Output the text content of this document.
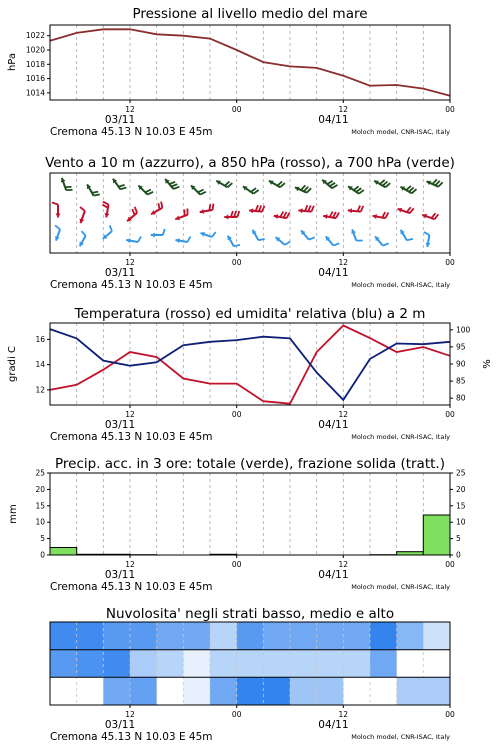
Pressione al livello medio del mare
hPa
1014
1016
1018
1020
1022
12	00	12	00
03/11	04/11
Cremona 45.13 N 10.03 E 45m	Moloch model, CNR-ISAC, Italy
Vento a 10 m (azzurro), a 850 hPa (rosso), a 700 hPa (verde)
12	00	12	00
03/11	04/11
Cremona 45.13 N 10.03 E 45m	Moloch model, CNR-ISAC, Italy
Temperatura (rosso) ed umidita' relativa (blu) a 2 m
gradi C	%
12
14
16
80
85
90
95
100
12	00	12	00
03/11	04/11
Cremona 45.13 N 10.03 E 45m	Moloch model, CNR-ISAC, Italy
Precip. acc. in 3 ore: totale (verde), frazione solida (tratt.)
mm
0
5
10
15
20
25
0
5
10
15
20
25
12	00	12	00
03/11	04/11
Cremona 45.13 N 10.03 E 45m	Moloch model, CNR-ISAC, Italy
Nuvolosita' negli strati basso, medio e alto
12	00	12	00
03/11	04/11
Cremona 45.13 N 10.03 E 45m	Moloch model, CNR-ISAC, Italy
